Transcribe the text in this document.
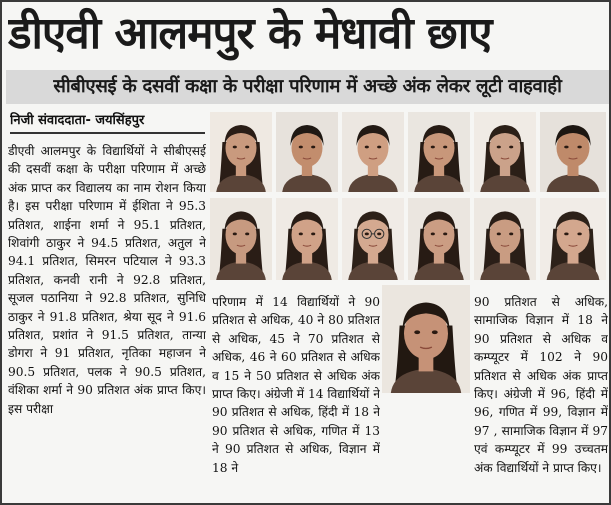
डीएवी आलमपुर के मेधावी छाए
सीबीएसई के दसवीं कक्षा के परीक्षा परिणाम में अच्छे अंक लेकर लूटी वाहवाही
निजी संवाददाता- जयसिंहपुर
डीएवी आलमपुर के विद्यार्थियों ने सीबीएसई की दसवीं कक्षा के परीक्षा परिणाम में अच्छे अंक प्राप्त कर विद्यालय का नाम रोशन किया है। इस परीक्षा परिणाम में ईशिता ने 95.3 प्रतिशत, शाईना शर्मा ने 95.1 प्रतिशत, शिवांगी ठाकुर ने 94.5 प्रतिशत, अतुल ने 94.1 प्रतिशत, सिमरन पटियाल ने 93.3 प्रतिशत, कनवी रानी ने 92.8 प्रतिशत, सूजल पठानिया ने 92.8 प्रतिशत, सुनिधि ठाकुर ने 91.8 प्रतिशत, श्रेया सूद ने 91.6 प्रतिशत, प्रशांत ने 91.5 प्रतिशत, तान्या डोगरा ने 91 प्रतिशत, नृतिका महाजन ने 90.5 प्रतिशत, पलक ने 90.5 प्रतिशत, वंशिका शर्मा ने 90 प्रतिशत अंक प्राप्त किए। इस परीक्षा
परिणाम में 14 विद्यार्थियों ने 90 प्रतिशत से अधिक, 40 ने 80 प्रतिशत से अधिक, 45 ने 70 प्रतिशत से अधिक, 46 ने 60 प्रतिशत से अधिक व 15 ने 50 प्रतिशत से अधिक अंक प्राप्त किए। अंग्रेजी में 14 विद्यार्थियों ने 90 प्रतिशत से अधिक, हिंदी में 18 ने 90 प्रतिशत से अधिक, गणित में 13 ने 90 प्रतिशत से अधिक, विज्ञान में 18 ने
90 प्रतिशत से अधिक, सामाजिक विज्ञान में 18 ने 90 प्रतिशत से अधिक व कम्प्यूटर में 102 ने 90 प्रतिशत से अधिक अंक प्राप्त किए। अंग्रेजी में 96, हिंदी में 96, गणित में 99, विज्ञान में 97 , सामाजिक विज्ञान में 97 एवं कम्प्यूटर में 99 उच्चतम अंक विद्यार्थियों ने प्राप्त किए।
